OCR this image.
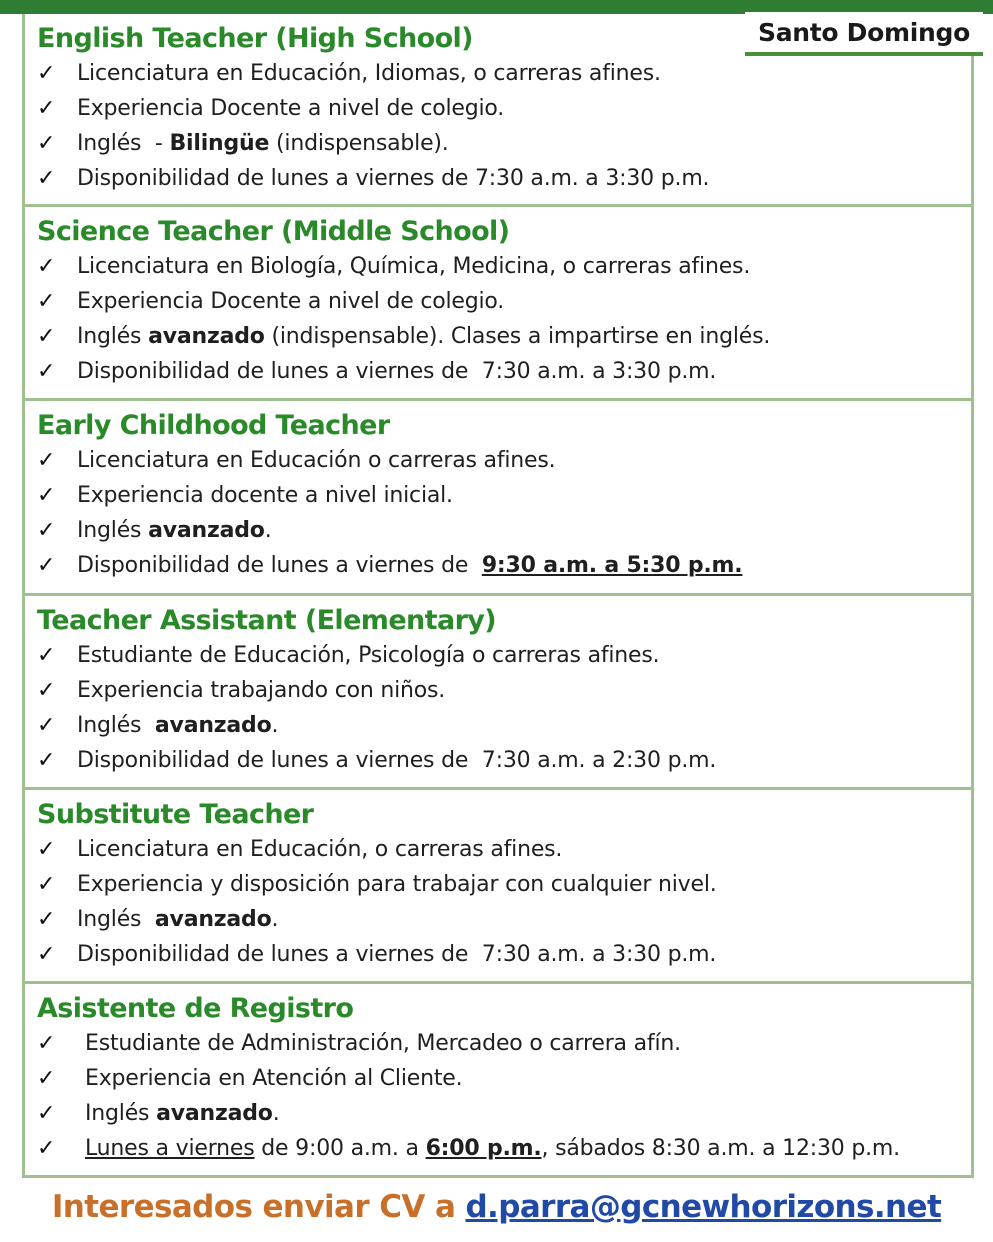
English Teacher (High School)
✓ Licenciatura en Educación, Idiomas, o carreras afines.
✓ Experiencia Docente a nivel de colegio.
✓ Inglés  - Bilingüe (indispensable).
✓ Disponibilidad de lunes a viernes de 7:30 a.m. a 3:30 p.m.
Science Teacher (Middle School)
✓ Licenciatura en Biología, Química, Medicina, o carreras afines.
✓ Experiencia Docente a nivel de colegio.
✓ Inglés avanzado (indispensable). Clases a impartirse en inglés.
✓ Disponibilidad de lunes a viernes de  7:30 a.m. a 3:30 p.m.
Early Childhood Teacher
✓ Licenciatura en Educación o carreras afines.
✓ Experiencia docente a nivel inicial.
✓ Inglés avanzado.
✓ Disponibilidad de lunes a viernes de  9:30 a.m. a 5:30 p.m.
Teacher Assistant (Elementary)
✓ Estudiante de Educación, Psicología o carreras afines.
✓ Experiencia trabajando con niños.
✓ Inglés  avanzado.
✓ Disponibilidad de lunes a viernes de  7:30 a.m. a 2:30 p.m.
Substitute Teacher
✓ Licenciatura en Educación, o carreras afines.
✓ Experiencia y disposición para trabajar con cualquier nivel.
✓ Inglés  avanzado.
✓ Disponibilidad de lunes a viernes de  7:30 a.m. a 3:30 p.m.
Asistente de Registro
✓	Estudiante de Administración, Mercadeo o carrera afín.
✓	Experiencia en Atención al Cliente.
✓	Inglés avanzado.
✓	Lunes a viernes de 9:00 a.m. a 6:00 p.m., sábados 8:30 a.m. a 12:30 p.m.
Santo Domingo
Interesados enviar CV a d.parra@gcnewhorizons.net
